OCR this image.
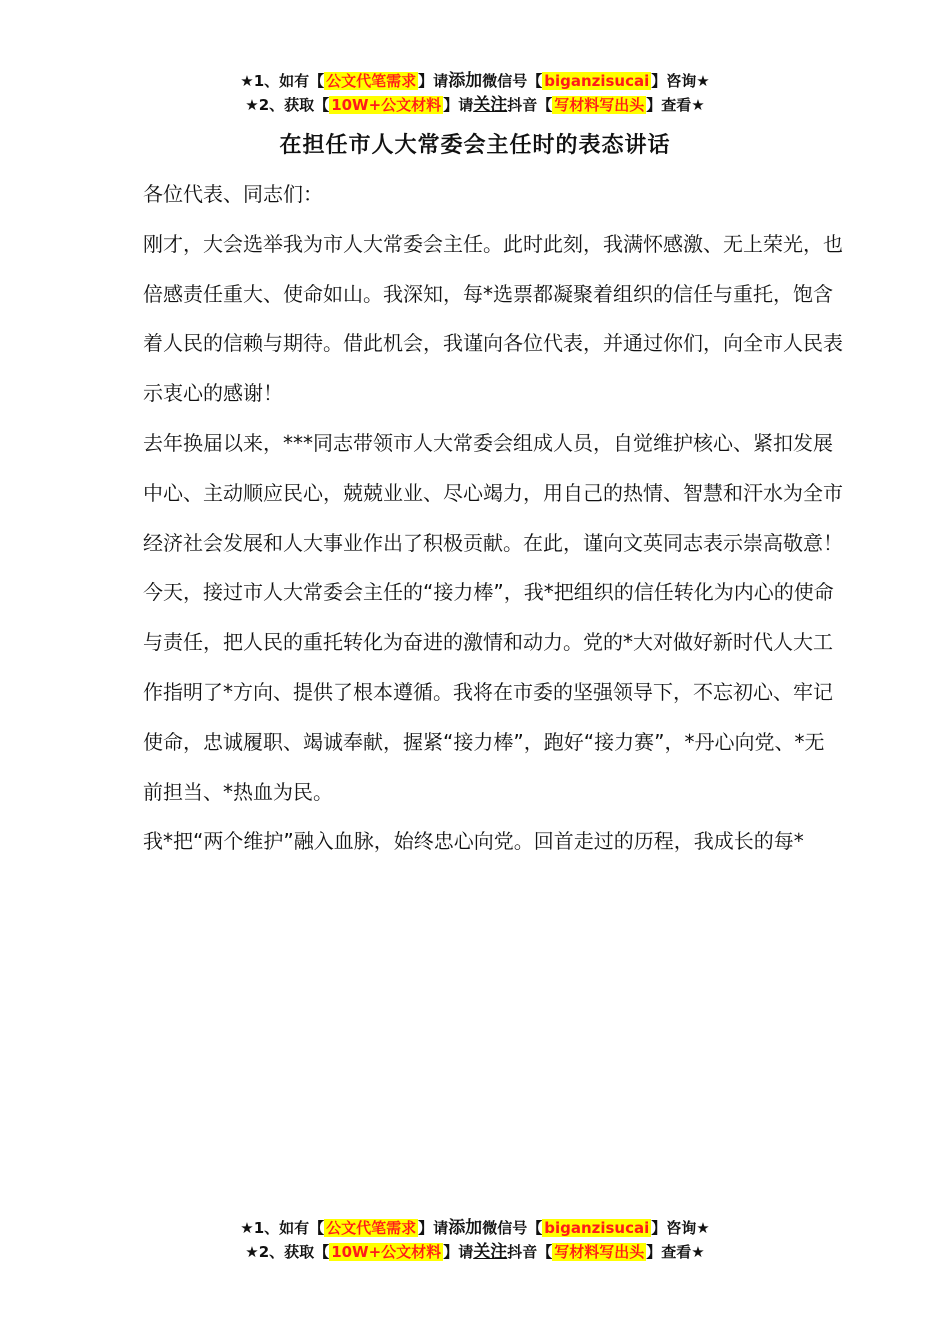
★1、如有【 公文代笔需求 】请添加微信号【 biganzisucai 】咨询★
★2、获取【 10W+公文材料 】请关注抖音【 写材料写出头 】查看★
在担任市人大常委会主任时的表态讲话

各位代表、同志们：

刚才，大会选举我为市人大常委会主任。此时此刻，我满怀感激、无上荣光，也倍感责任重大、使命如山。我深知，每*选票都凝聚着组织的信任与重托，饱含着人民的信赖与期待。借此机会，我谨向各位代表，并通过你们，向全市人民表示衷心的感谢！

去年换届以来，***同志带领市人大常委会组成人员，自觉维护核心、紧扣发展中心、主动顺应民心，兢兢业业、尽心竭力，用自己的热情、智慧和汗水为全市经济社会发展和人大事业作出了积极贡献。在此，谨向文英同志表示崇高敬意！

今天，接过市人大常委会主任的“接力棒”，我*把组织的信任转化为内心的使命与责任，把人民的重托转化为奋进的激情和动力。党的*大对做好新时代人大工作指明了*方向、提供了根本遵循。我将在市委的坚强领导下，不忘初心、牢记使命，忠诚履职、竭诚奉献，握紧“接力棒”，跑好“接力赛”，*丹心向党、*无前担当、*热血为民。

我*把“两个维护”融入血脉，始终忠心向党。回首走过的历程，我成长的每*

★1、如有【 公文代笔需求 】请添加微信号【 biganzisucai 】咨询★
★2、获取【 10W+公文材料 】请关注抖音【 写材料写出头 】查看★
